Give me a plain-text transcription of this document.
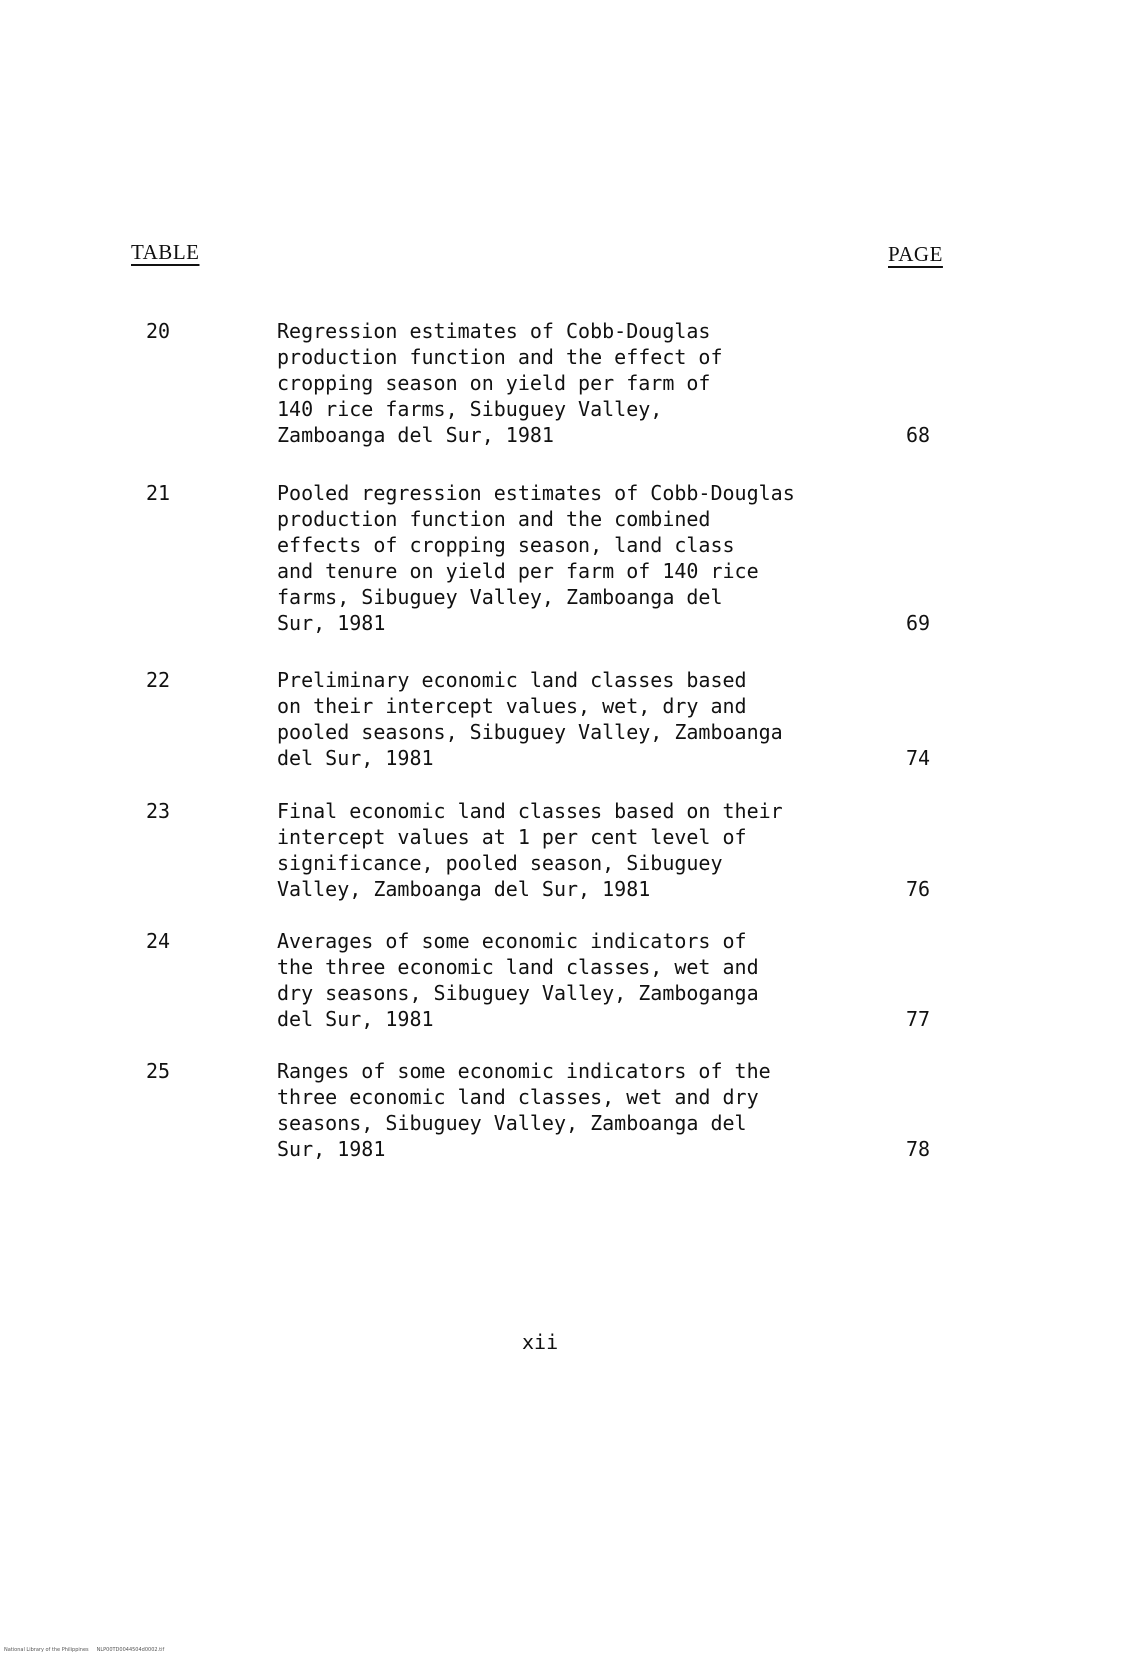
TABLE	PAGE
20	Regression estimates of Cobb-Douglas
production function and the effect of
cropping season on yield per farm of
140 rice farms, Sibuguey Valley,
Zamboanga del Sur, 1981	68
21	Pooled regression estimates of Cobb-Douglas
production function and the combined
effects of cropping season, land class
and tenure on yield per farm of 140 rice
farms, Sibuguey Valley, Zamboanga del
Sur, 1981	69
22	Preliminary economic land classes based
on their intercept values, wet, dry and
pooled seasons, Sibuguey Valley, Zamboanga
del Sur, 1981	74
23	Final economic land classes based on their
intercept values at 1 per cent level of
significance, pooled season, Sibuguey
Valley, Zamboanga del Sur, 1981	76
24	Averages of some economic indicators of
the three economic land classes, wet and
dry seasons, Sibuguey Valley, Zamboganga
del Sur, 1981	77
25	Ranges of some economic indicators of the
three economic land classes, wet and dry
seasons, Sibuguey Valley, Zamboanga del
Sur, 1981	78
xii
National Library of the Philippines NLP00TD0044504d0002.tif
